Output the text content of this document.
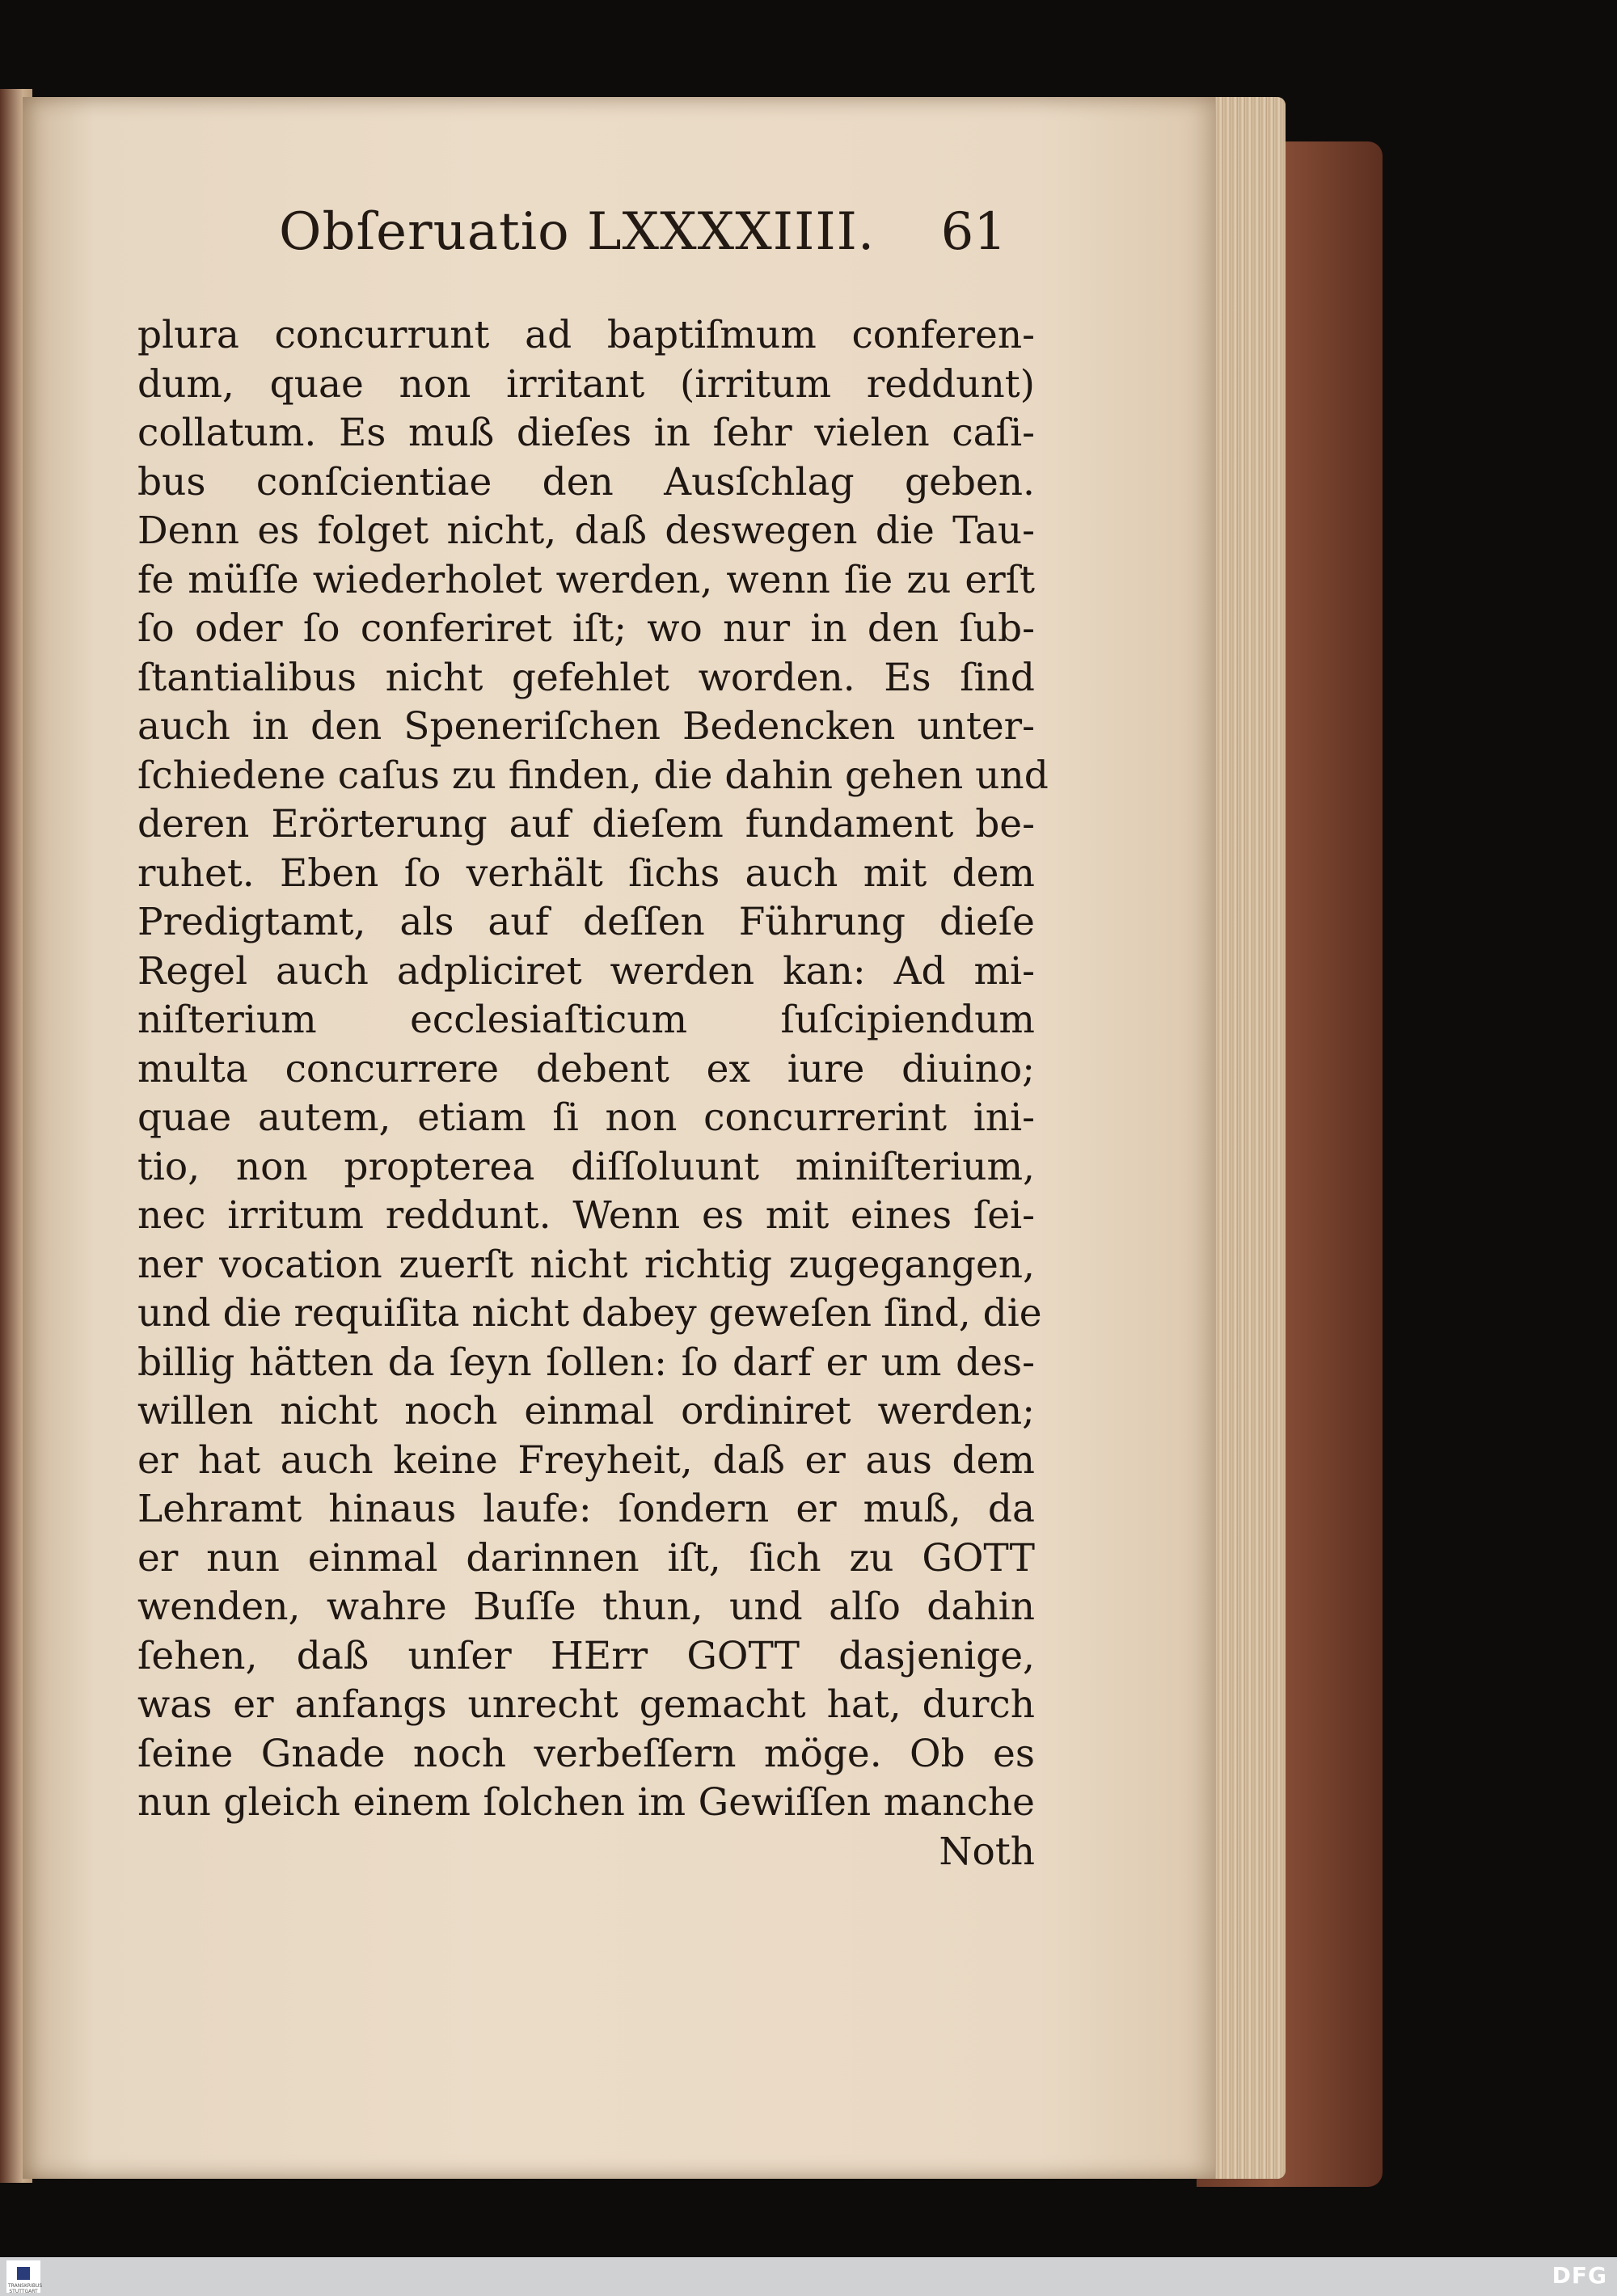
Obſeruatio LXXXXIIII. 61
plura concurrunt ad baptiſmum conferen-
dum, quae non irritant (irritum reddunt)
collatum. Es muß dieſes in ſehr vielen caſi-
bus conſcientiae den Ausſchlag geben.
Denn es folget nicht, daß deswegen die Tau-
fe müſſe wiederholet werden, wenn ſie zu erſt
ſo oder ſo conferiret iſt; wo nur in den ſub-
ſtantialibus nicht gefehlet worden. Es ſind
auch in den Speneriſchen Bedencken unter-
ſchiedene caſus zu finden, die dahin gehen und
deren Erörterung auf dieſem fundament be-
ruhet. Eben ſo verhält ſichs auch mit dem
Predigtamt, als auf deſſen Führung dieſe
Regel auch adpliciret werden kan: Ad mi-
niſterium ecclesiaſticum ſuſcipiendum
multa concurrere debent ex iure diuino;
quae autem, etiam ſi non concurrerint ini-
tio, non propterea diſſoluunt miniſterium,
nec irritum reddunt. Wenn es mit eines ſei-
ner vocation zuerſt nicht richtig zugegangen,
und die requiſita nicht dabey geweſen ſind, die
billig hätten da ſeyn ſollen: ſo darf er um des-
willen nicht noch einmal ordiniret werden;
er hat auch keine Freyheit, daß er aus dem
Lehramt hinaus laufe: ſondern er muß, da
er nun einmal darinnen iſt, ſich zu GOTT
wenden, wahre Buſſe thun, und alſo dahin
ſehen, daß unſer HErr GOTT dasjenige,
was er anfangs unrecht gemacht hat, durch
ſeine Gnade noch verbeſſern möge. Ob es
nun gleich einem ſolchen im Gewiſſen manche
Noth
TRANSKRIBUS STUTTGART
DFG
